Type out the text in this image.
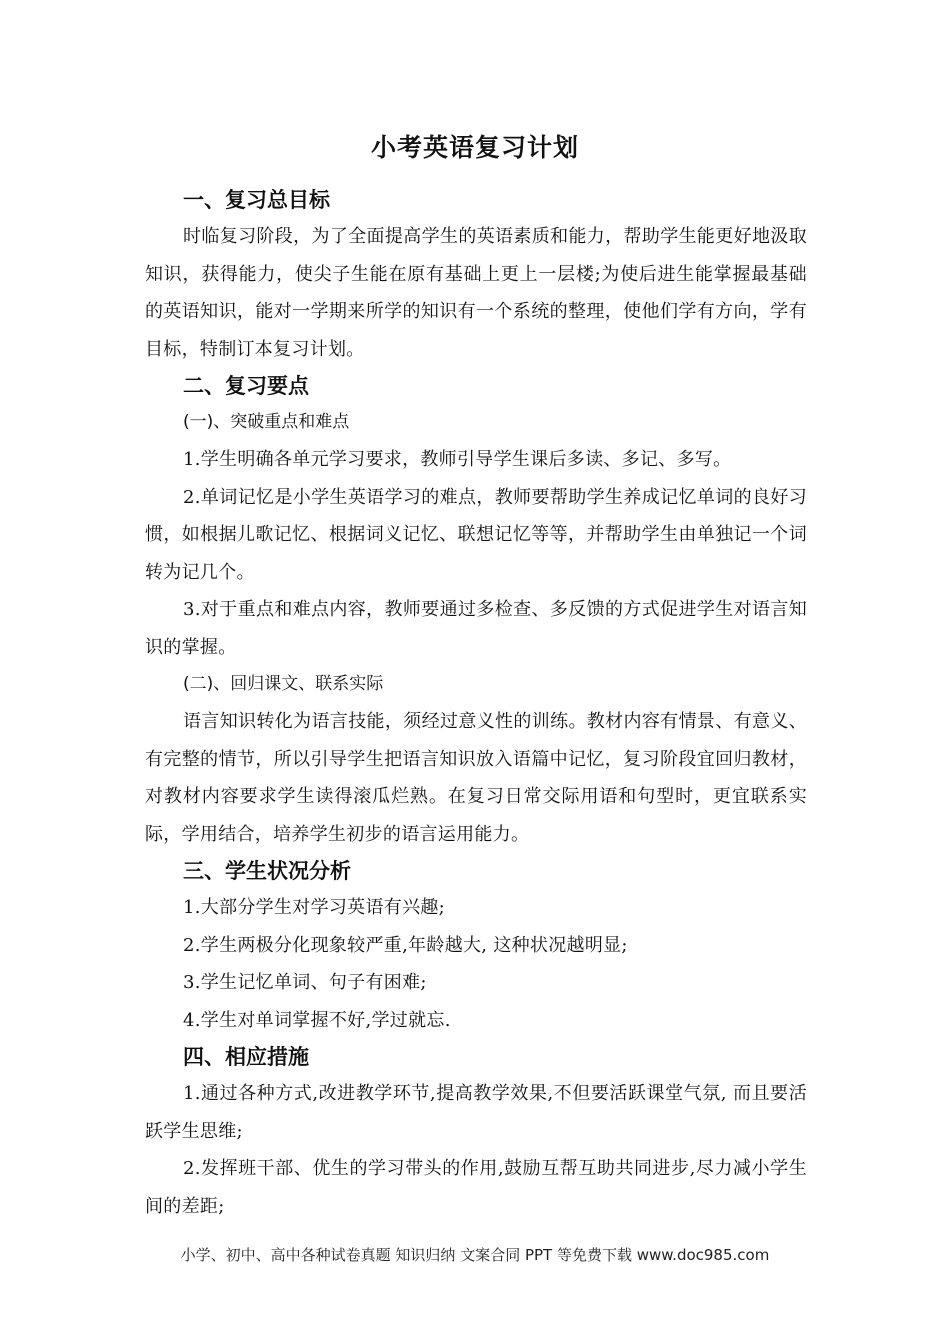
小考英语复习计划
一、复习总目标

时临复习阶段，为了全面提高学生的英语素质和能力，帮助学生能更好地汲取知识，获得能力，使尖子生能在原有基础上更上一层楼;为使后进生能掌握最基础的英语知识，能对一学期来所学的知识有一个系统的整理，使他们学有方向，学有目标，特制订本复习计划。

二、复习要点

(一)、突破重点和难点

1.学生明确各单元学习要求，教师引导学生课后多读、多记、多写。

2.单词记忆是小学生英语学习的难点，教师要帮助学生养成记忆单词的良好习惯，如根据儿歌记忆、根据词义记忆、联想记忆等等，并帮助学生由单独记一个词转为记几个。

3.对于重点和难点内容，教师要通过多检查、多反馈的方式促进学生对语言知识的掌握。

(二)、回归课文、联系实际

语言知识转化为语言技能，须经过意义性的训练。教材内容有情景、有意义、有完整的情节，所以引导学生把语言知识放入语篇中记忆，复习阶段宜回归教材，对教材内容要求学生读得滚瓜烂熟。在复习日常交际用语和句型时，更宜联系实际，学用结合，培养学生初步的语言运用能力。

三、学生状况分析

1.大部分学生对学习英语有兴趣;

2.学生两极分化现象较严重,年龄越大, 这种状况越明显;

3.学生记忆单词、句子有困难;

4.学生对单词掌握不好,学过就忘.

四、相应措施

1.通过各种方式,改进教学环节,提高教学效果,不但要活跃课堂气氛, 而且要活跃学生思维;

2.发挥班干部、优生的学习带头的作用,鼓励互帮互助共同进步,尽力减小学生间的差距;

小学、初中、高中各种试卷真题 知识归纳 文案合同 PPT 等免费下载 www.doc985.com
